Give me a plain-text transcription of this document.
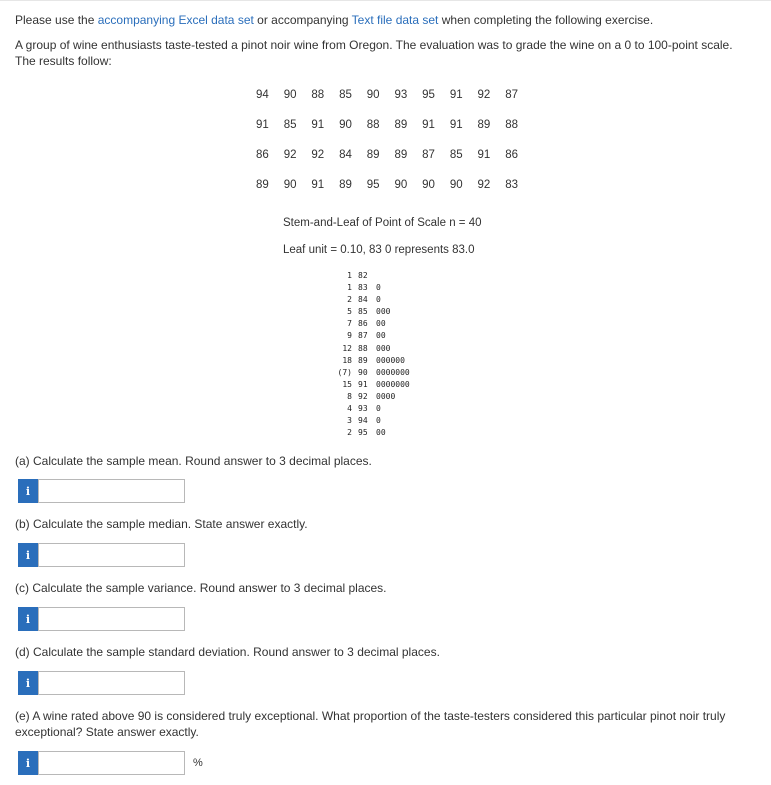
Please use the accompanying Excel data set or accompanying Text file data set when completing the following exercise.
A group of wine enthusiasts taste-tested a pinot noir wine from Oregon. The evaluation was to grade the wine on a 0 to 100-point scale. The results follow:
94	90	88	85	90	93	95	91	92	87
91	85	91	90	88	89	91	91	89	88
86	92	92	84	89	89	87	85	91	86
89	90	91	89	95	90	90	90	92	83
Stem-and-Leaf of Point of Scale n = 40
Leaf unit = 0.10, 83 0 represents 83.0
1 82
1 83	0
2 84	0
5 85	000
7 86	00
9 87	00
12 88	000
18 89	000000
(7) 90	0000000
15 91	0000000
8 92	0000
4 93	0
3 94	0
2 95	00
(a) Calculate the sample mean. Round answer to 3 decimal places.
i
(b) Calculate the sample median. State answer exactly.
i
(c) Calculate the sample variance. Round answer to 3 decimal places.
i
(d) Calculate the sample standard deviation. Round answer to 3 decimal places.
i
(e) A wine rated above 90 is considered truly exceptional. What proportion of the taste-testers considered this particular pinot noir truly exceptional? State answer exactly.
i	%
